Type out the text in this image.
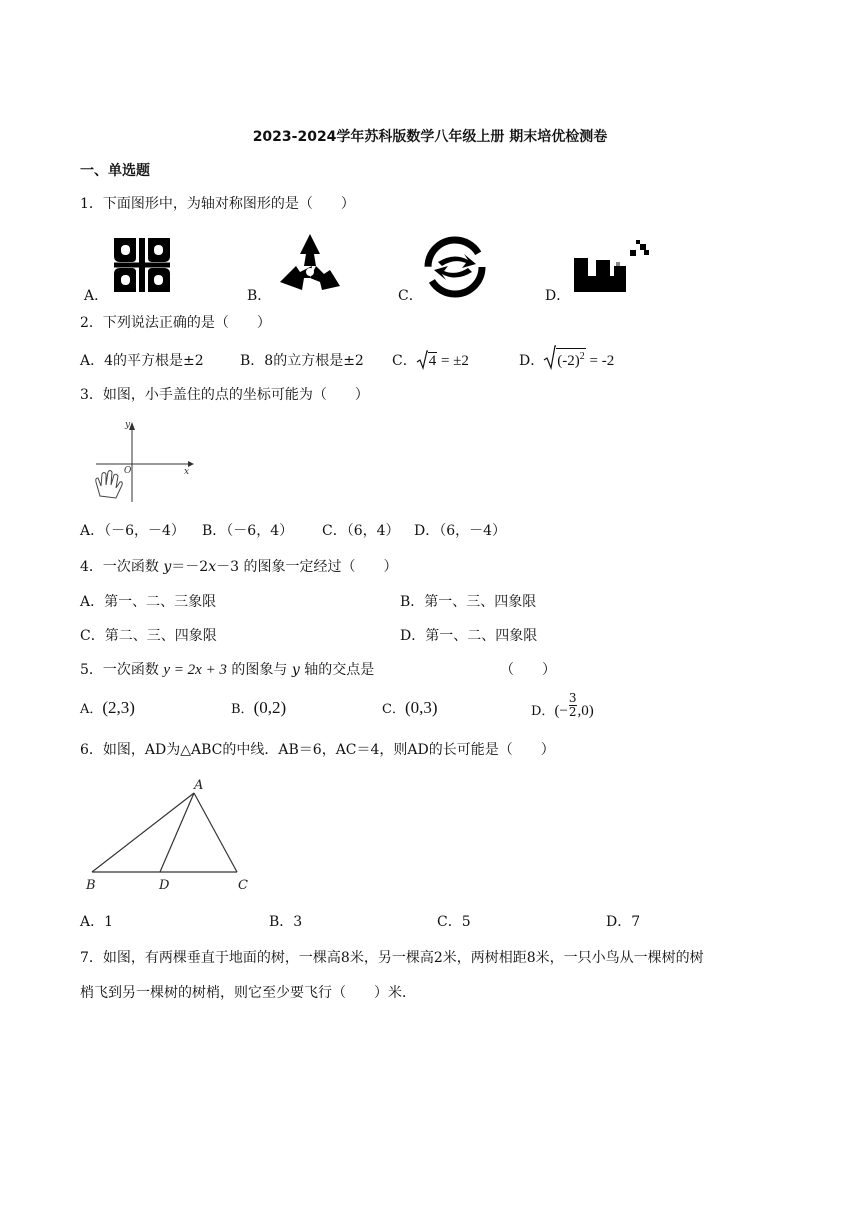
2023-2024学年苏科版数学八年级上册 期末培优检测卷
一、单选题
1．下面图形中，为轴对称图形的是（　　）
A．	B．	C．	D．
2．下列说法正确的是（　　）
A．4的平方根是±2	B．8的立方根是±2 C． 4 = ±2	D． $(-2)^2 = -2$
3．如图，小手盖住的点的坐标可能为（　　）
y
x
O
A．（－6，－4） B．（－6，4） C．（6，4） D．（6，－4）
4．一次函数 y＝－2x－3 的图象一定经过（　　）
A．第一、二、三象限	B．第一、三、四象限
C．第二、三、四象限	D．第一、二、四象限
5．一次函数 y = 2x + 3 的图象与 y 轴的交点是	（　　）
A．(2,3)	B．(0,2)	C．(0,3)	D．(− $\frac{3}{2} ,0$)
6．如图，AD为△ABC的中线．AB＝6，AC＝4，则AD的长可能是（　　）
A
B	D	C
A．1	B．3	C．5	D．7
7．如图，有两棵垂直于地面的树，一棵高8米，另一棵高2米，两树相距8米，一只小鸟从一棵树的树
梢飞到另一棵树的树梢，则它至少要飞行（　　）米．
